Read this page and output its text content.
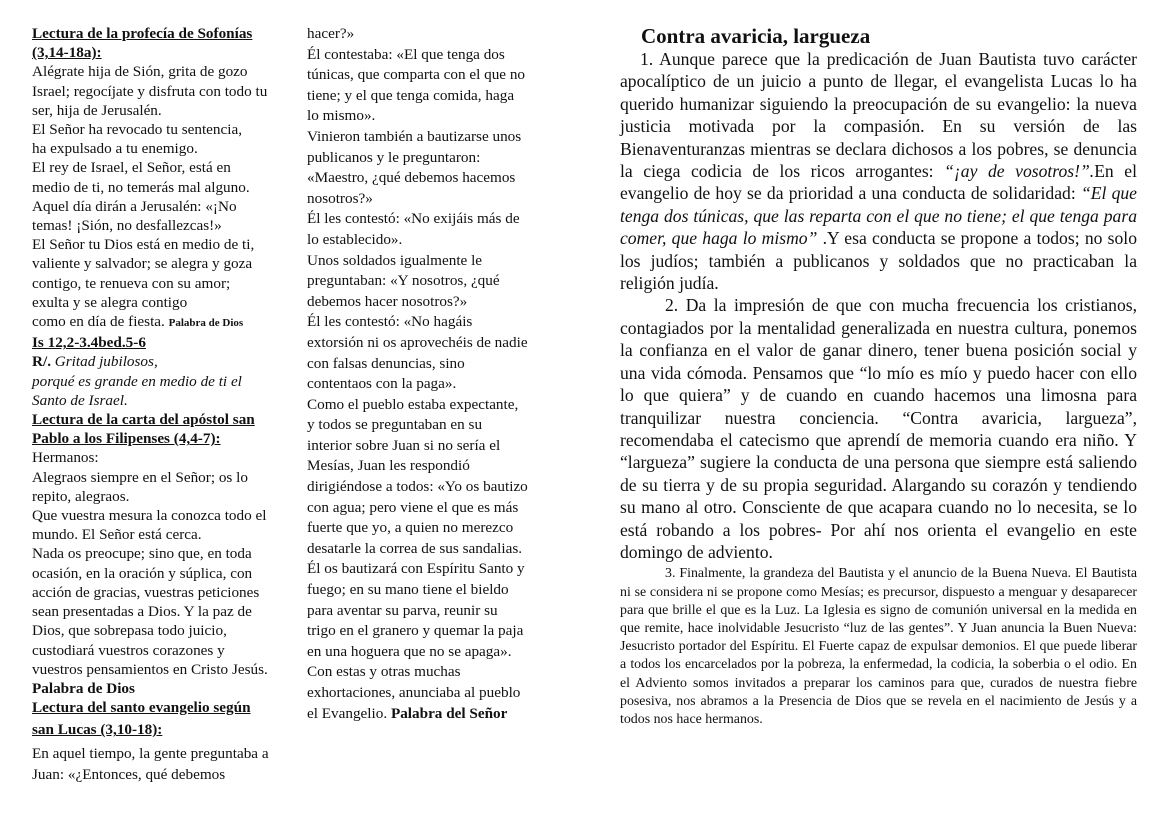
Lectura de la profecía de Sofonías
(3,14-18a):
Alégrate hija de Sión, grita de gozo
Israel; regocíjate y disfruta con todo tu
ser, hija de Jerusalén.
El Señor ha revocado tu sentencia,
ha expulsado a tu enemigo.
El rey de Israel, el Señor, está en
medio de ti, no temerás mal alguno.
Aquel día dirán a Jerusalén: «¡No
temas! ¡Sión, no desfallezcas!»
El Señor tu Dios está en medio de ti,
valiente y salvador; se alegra y goza
contigo, te renueva con su amor;
exulta y se alegra contigo
como en día de fiesta. Palabra de Dios
Is 12,2-3.4bed.5-6
R/. Gritad jubilosos,
porqué es grande en medio de ti el
Santo de Israel.
Lectura de la carta del apóstol san
Pablo a los Filipenses (4,4-7):
Hermanos:
Alegraos siempre en el Señor; os lo
repito, alegraos.
Que vuestra mesura la conozca todo el
mundo. El Señor está cerca.
Nada os preocupe; sino que, en toda
ocasión, en la oración y súplica, con
acción de gracias, vuestras peticiones
sean presentadas a Dios. Y la paz de
Dios, que sobrepasa todo juicio,
custodiará vuestros corazones y
vuestros pensamientos en Cristo Jesús.
Palabra de Dios
Lectura del santo evangelio según
san Lucas (3,10-18):
En aquel tiempo, la gente preguntaba a
Juan: «¿Entonces, qué debemos
hacer?»
Él contestaba: «El que tenga dos
túnicas, que comparta con el que no
tiene; y el que tenga comida, haga
lo mismo».
Vinieron también a bautizarse unos
publicanos y le preguntaron:
«Maestro, ¿qué debemos hacemos
nosotros?»
Él les contestó: «No exijáis más de
lo establecido».
Unos soldados igualmente le
preguntaban: «Y nosotros, ¿qué
debemos hacer nosotros?»
Él les contestó: «No hagáis
extorsión ni os aprovechéis de nadie
con falsas denuncias, sino
contentaos con la paga».
Como el pueblo estaba expectante,
y todos se preguntaban en su
interior sobre Juan si no sería el
Mesías, Juan les respondió
dirigiéndose a todos: «Yo os bautizo
con agua; pero viene el que es más
fuerte que yo, a quien no merezco
desatarle la correa de sus sandalias.
Él os bautizará con Espíritu Santo y
fuego; en su mano tiene el bieldo
para aventar su parva, reunir su
trigo en el granero y quemar la paja
en una hoguera que no se apaga».
Con estas y otras muchas
exhortaciones, anunciaba al pueblo
el Evangelio. Palabra del Señor
Contra avaricia, largueza

1. Aunque parece que la predicación de Juan Bautista tuvo carácter apocalíptico de un juicio a punto de llegar, el evangelista Lucas lo ha querido humanizar siguiendo la preocupación de su evangelio: la nueva justicia motivada por la compasión. En su versión de las Bienaventuranzas mientras se declara dichosos a los pobres, se denuncia la ciega codicia de los ricos arrogantes: “¡ay de vosotros!”.En el evangelio de hoy se da prioridad a una conducta de solidaridad: “El que tenga dos túnicas, que las reparta con el que no tiene; el que tenga para comer, que haga lo mismo” .Y esa conducta se propone a todos; no solo los judíos; también a publicanos y soldados que no practicaban la religión judía.

2. Da la impresión de que con mucha frecuencia los cristianos, contagiados por la mentalidad generalizada en nuestra cultura, ponemos la confianza en el valor de ganar dinero, tener buena posición social y una vida cómoda. Pensamos que “lo mío es mío y puedo hacer con ello lo que quiera” y de cuando en cuando hacemos una limosna para tranquilizar nuestra conciencia. “Contra avaricia, largueza”, recomendaba el catecismo que aprendí de memoria cuando era niño. Y “largueza” sugiere la conducta de una persona que siempre está saliendo de su tierra y de su propia seguridad. Alargando su corazón y tendiendo su mano al otro. Consciente de que acapara cuando no lo necesita, se lo está robando a los pobres- Por ahí nos orienta el evangelio en este domingo de adviento.

3. Finalmente, la grandeza del Bautista y el anuncio de la Buena Nueva. El Bautista ni se considera ni se propone como Mesías; es precursor, dispuesto a menguar y desaparecer para que brille el que es la Luz. La Iglesia es signo de comunión universal en la medida en que remite, hace inolvidable Jesucristo “luz de las gentes”. Y Juan anuncia la Buen Nueva: Jesucristo portador del Espíritu. El Fuerte capaz de expulsar demonios. El que puede liberar a todos los encarcelados por la pobreza, la enfermedad, la codicia, la soberbia o el odio. En el Adviento somos invitados a preparar los caminos para que, curados de nuestra fiebre posesiva, nos abramos a la Presencia de Dios que se revela en el nacimiento de Jesús y a todos nos hace hermanos.
